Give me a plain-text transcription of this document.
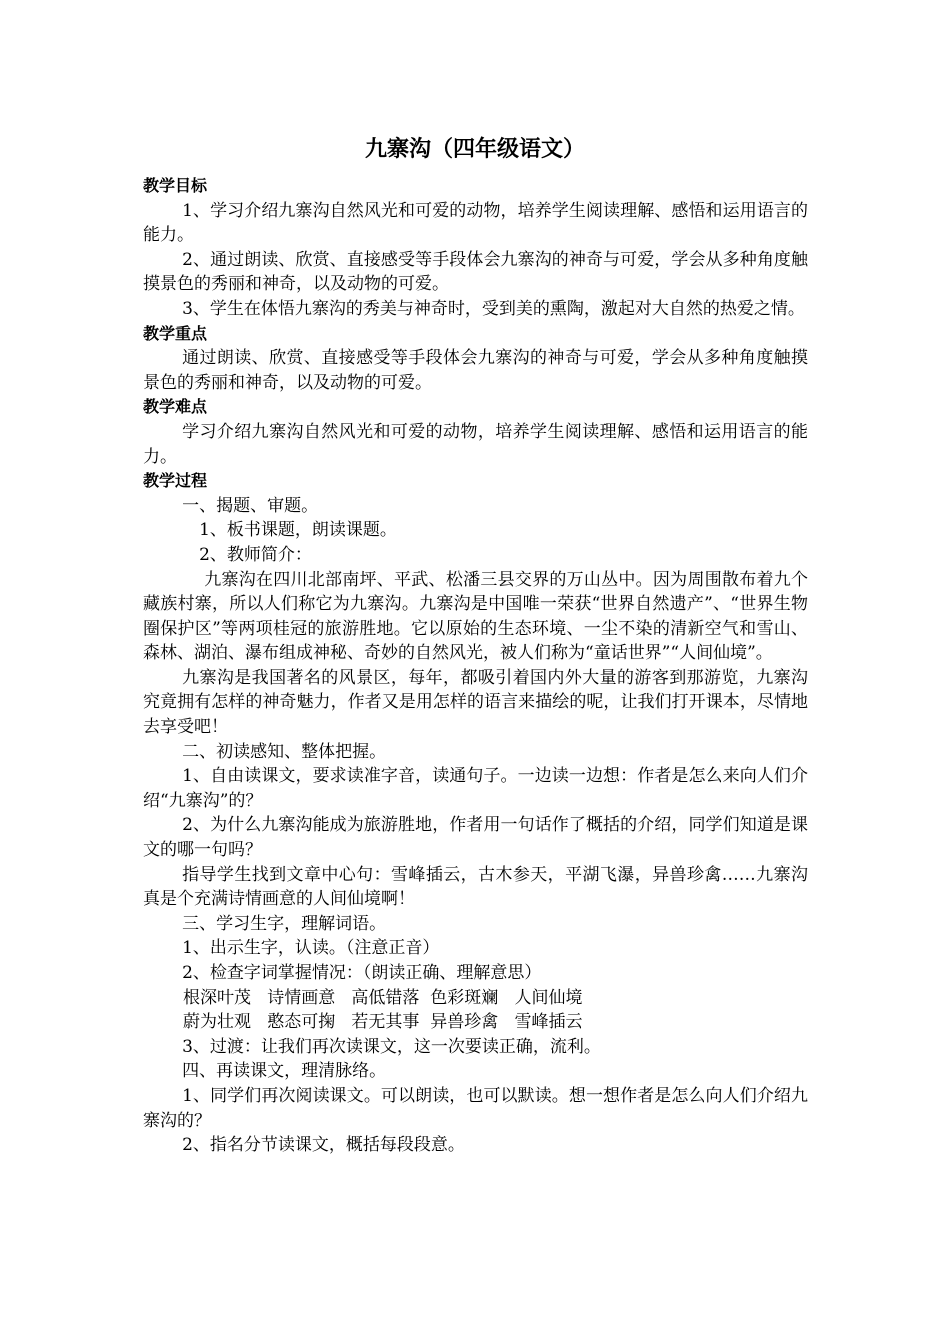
九寨沟（四年级语文）

教学目标

1、学习介绍九寨沟自然风光和可爱的动物，培养学生阅读理解、感悟和运用语言的能力。

2、通过朗读、欣赏、直接感受等手段体会九寨沟的神奇与可爱，学会从多种角度触摸景色的秀丽和神奇，以及动物的可爱。

3、学生在体悟九寨沟的秀美与神奇时，受到美的熏陶，激起对大自然的热爱之情。

教学重点

通过朗读、欣赏、直接感受等手段体会九寨沟的神奇与可爱，学会从多种角度触摸景色的秀丽和神奇，以及动物的可爱。

教学难点

学习介绍九寨沟自然风光和可爱的动物，培养学生阅读理解、感悟和运用语言的能力。

教学过程

一、揭题、审题。

1、板书课题，朗读课题。

2、教师简介：

九寨沟在四川北部南坪、平武、松潘三县交界的万山丛中。因为周围散布着九个藏族村寨，所以人们称它为九寨沟。九寨沟是中国唯一荣获“世界自然遗产”、“世界生物圈保护区”等两项桂冠的旅游胜地。它以原始的生态环境、一尘不染的清新空气和雪山、森林、湖泊、瀑布组成神秘、奇妙的自然风光，被人们称为“童话世界”“人间仙境”。

九寨沟是我国著名的风景区，每年，都吸引着国内外大量的游客到那游览，九寨沟究竟拥有怎样的神奇魅力，作者又是用怎样的语言来描绘的呢，让我们打开课本，尽情地去享受吧！

二、初读感知、整体把握。

1、自由读课文，要求读准字音，读通句子。一边读一边想：作者是怎么来向人们介绍“九寨沟”的？

2、为什么九寨沟能成为旅游胜地，作者用一句话作了概括的介绍，同学们知道是课文的哪一句吗？

指导学生找到文章中心句：雪峰插云，古木参天，平湖飞瀑，异兽珍禽……九寨沟真是个充满诗情画意的人间仙境啊！

三、学习生字，理解词语。

1、出示生字，认读。（注意正音）

2、检查字词掌握情况：（朗读正确、理解意思）

根深叶茂   诗情画意   高低错落  色彩斑斓   人间仙境

蔚为壮观   憨态可掬   若无其事  异兽珍禽   雪峰插云

3、过渡：让我们再次读课文，这一次要读正确，流利。

四、再读课文，理清脉络。

1、同学们再次阅读课文。可以朗读，也可以默读。想一想作者是怎么向人们介绍九寨沟的？

2、指名分节读课文，概括每段段意。
